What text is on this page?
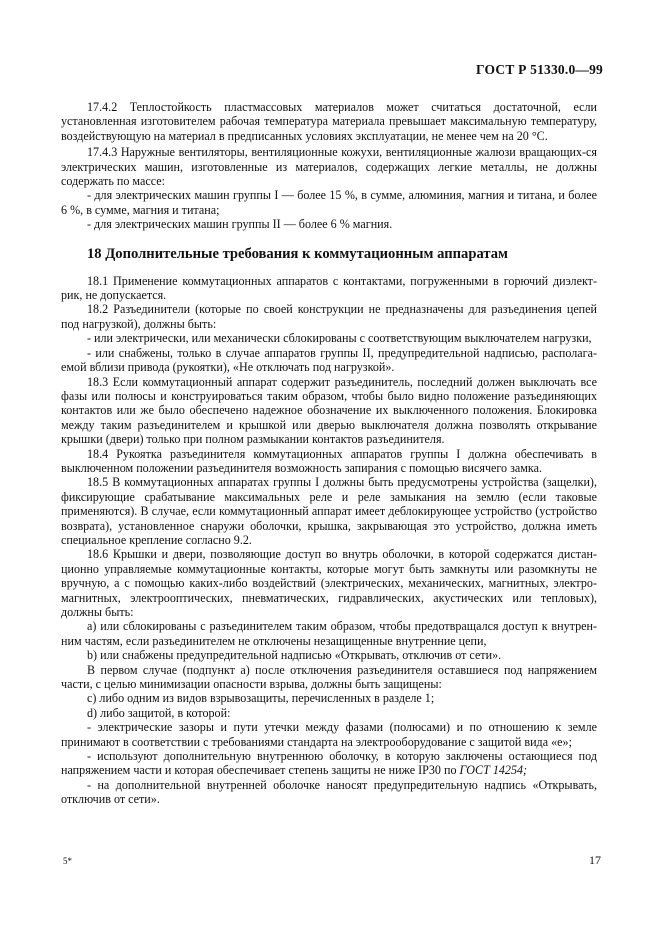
ГОСТ Р 51330.0—99

17.4.2 Теплостойкость пластмассовых материалов может считаться достаточной, если установленная изготовителем рабочая температура материала превышает максимальную температуру, воздействующую на материал в предписанных условиях эксплуатации, не менее чем на 20 °С.

17.4.3 Наружные вентиляторы, вентиляционные кожухи, вентиляционные жалюзи вращающих-ся электрических машин, изготовленные из материалов, содержащих легкие металлы, не должны содержать по массе:

- для электрических машин группы I — более 15 %, в сумме, алюминия, магния и титана, и более 6 %, в сумме, магния и титана;

- для электрических машин группы II — более 6 % магния.

18 Дополнительные требования к коммутационным аппаратам

18.1 Применение коммутационных аппаратов с контактами, погруженными в горючий диэлект-рик, не допускается.

18.2 Разъединители (которые по своей конструкции не предназначены для разъединения цепей под нагрузкой), должны быть:

- или электрически, или механически сблокированы с соответствующим выключателем нагрузки,

- или снабжены, только в случае аппаратов группы II, предупредительной надписью, располага-емой вблизи привода (рукоятки), «Не отключать под нагрузкой».

18.3 Если коммутационный аппарат содержит разъединитель, последний должен выключать все фазы или полюсы и конструироваться таким образом, чтобы было видно положение разъединяющих контактов или же было обеспечено надежное обозначение их выключенного положения. Блокировка между таким разъединителем и крышкой или дверью выключателя должна позволять открывание крышки (двери) только при полном размыкании контактов разъединителя.

18.4 Рукоятка разъединителя коммутационных аппаратов группы I должна обеспечивать в выключенном положении разъединителя возможность запирания с помощью висячего замка.

18.5 В коммутационных аппаратах группы I должны быть предусмотрены устройства (защелки), фиксирующие срабатывание максимальных реле и реле замыкания на землю (если таковые применяются). В случае, если коммутационный аппарат имеет деблокирующее устройство (устройство возврата), установленное снаружи оболочки, крышка, закрывающая это устройство, должна иметь специальное крепление согласно 9.2.

18.6 Крышки и двери, позволяющие доступ во внутрь оболочки, в которой содержатся дистан-ционно управляемые коммутационные контакты, которые могут быть замкнуты или разомкнуты не вручную, а с помощью каких-либо воздействий (электрических, механических, магнитных, электро-магнитных, электрооптических, пневматических, гидравлических, акустических или тепловых), должны быть:

а) или сблокированы с разъединителем таким образом, чтобы предотвращался доступ к внутрен-ним частям, если разъединителем не отключены незащищенные внутренние цепи,

b) или снабжены предупредительной надписью «Открывать, отключив от сети».

В первом случае (подпункт а) после отключения разъединителя оставшиеся под напряжением части, с целью минимизации опасности взрыва, должны быть защищены:

с) либо одним из видов взрывозащиты, перечисленных в разделе 1;

d) либо защитой, в которой:

- электрические зазоры и пути утечки между фазами (полюсами) и по отношению к земле принимают в соответствии с требованиями стандарта на электрооборудование с защитой вида «е»;

- используют дополнительную внутреннюю оболочку, в которую заключены остающиеся под напряжением части и которая обеспечивает степень защиты не ниже IP30 по ГОСТ 14254;

- на дополнительной внутренней оболочке наносят предупредительную надпись «Открывать, отключив от сети».

5*	17
